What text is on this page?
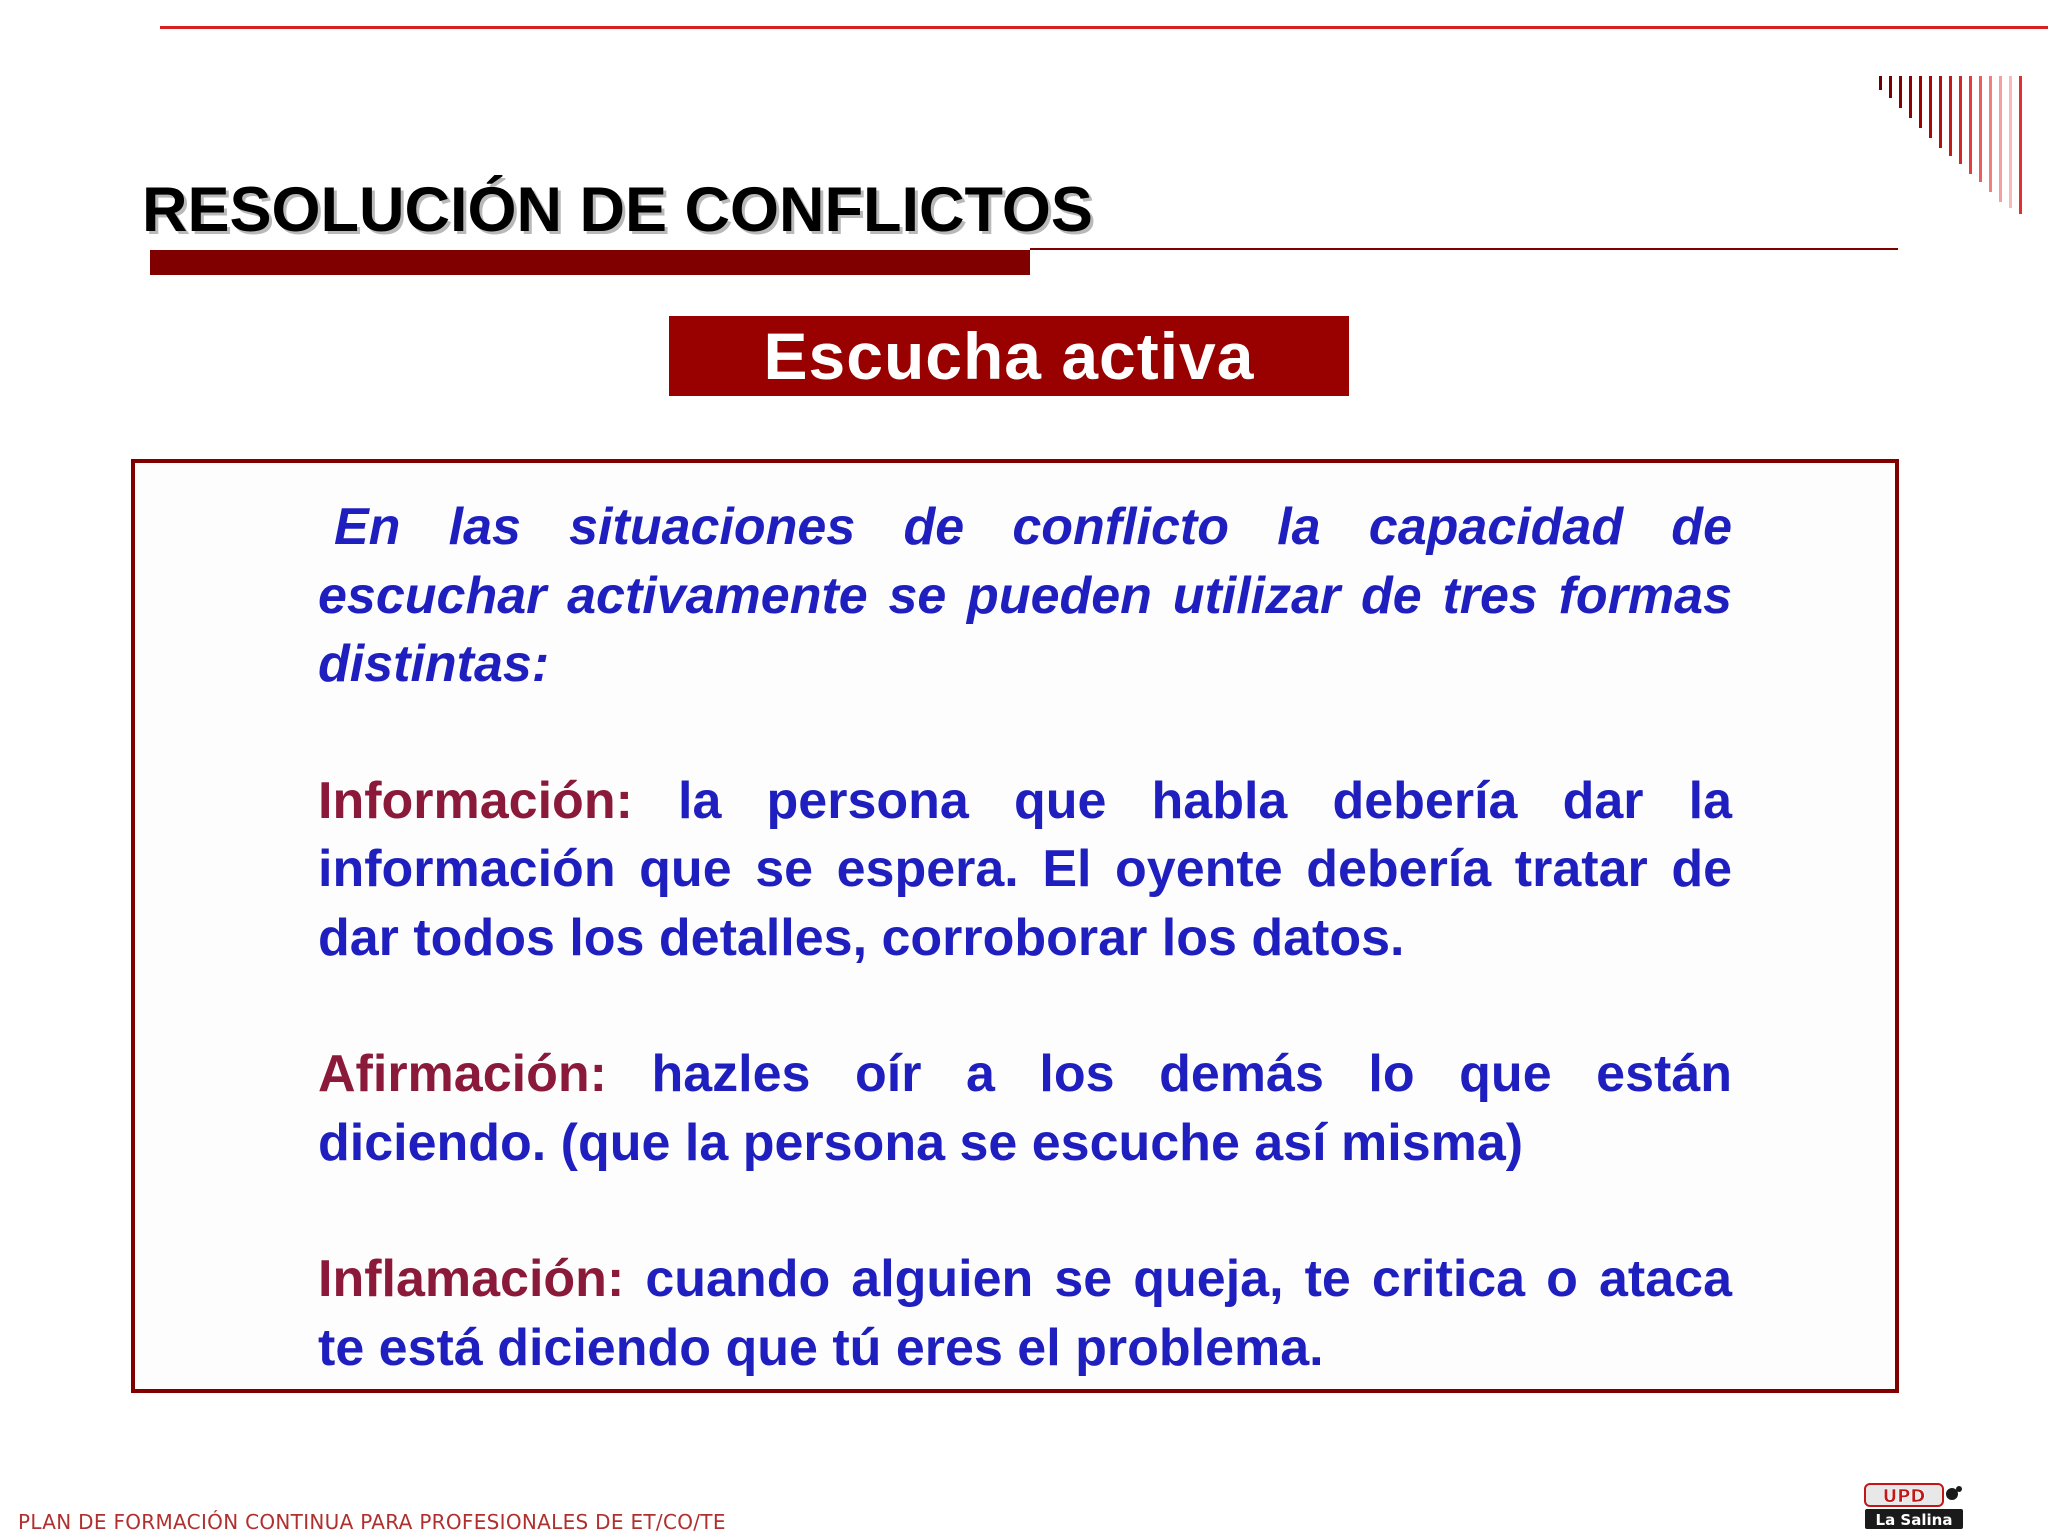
RESOLUCIÓN DE CONFLICTOS
Escucha activa

En las situaciones de conflicto la capacidad de escuchar activamente se pueden utilizar de tres formas distintas:

Información: la persona que habla debería dar la información que se espera. El oyente debería tratar de dar todos los detalles, corroborar los datos.

Afirmación: hazles oír a los demás lo que están diciendo. (que la persona se escuche así misma)

Inflamación: cuando alguien se queja, te critica o ataca te está diciendo que tú eres el problema.

PLAN DE FORMACIÓN CONTINUA PARA PROFESIONALES DE ET/CO/TE
UPD
La Salina
